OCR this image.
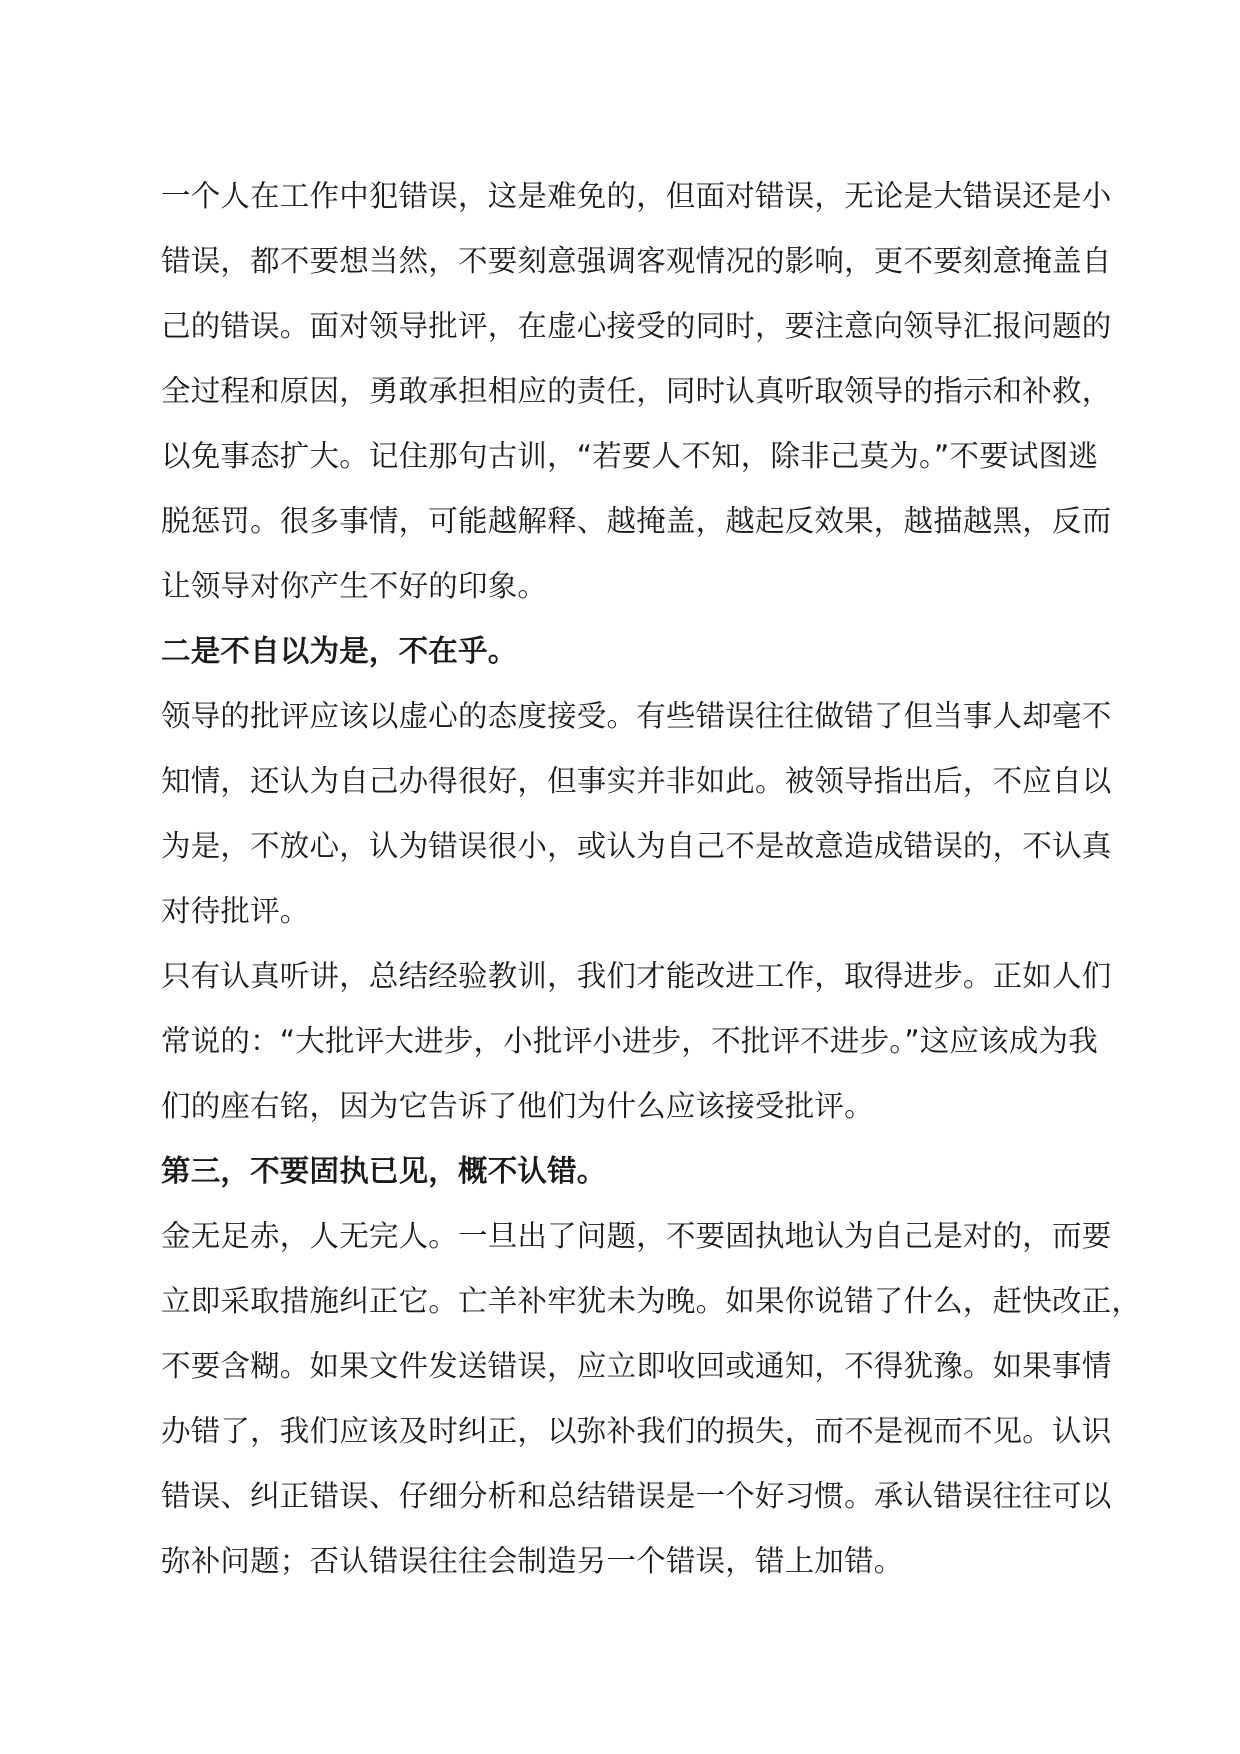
一个人在工作中犯错误，这是难免的，但面对错误，无论是大错误还是小

错误，都不要想当然，不要刻意强调客观情况的影响，更不要刻意掩盖自

己的错误。面对领导批评，在虚心接受的同时，要注意向领导汇报问题的

全过程和原因，勇敢承担相应的责任，同时认真听取领导的指示和补救，

以免事态扩大。记住那句古训，“若要人不知，除非己莫为。”不要试图逃

脱惩罚。很多事情，可能越解释、越掩盖，越起反效果，越描越黑，反而

让领导对你产生不好的印象。

二是不自以为是，不在乎。

领导的批评应该以虚心的态度接受。有些错误往往做错了但当事人却毫不

知情，还认为自己办得很好，但事实并非如此。被领导指出后，不应自以

为是，不放心，认为错误很小，或认为自己不是故意造成错误的，不认真

对待批评。

只有认真听讲，总结经验教训，我们才能改进工作，取得进步。正如人们

常说的：“大批评大进步，小批评小进步，不批评不进步。”这应该成为我

们的座右铭，因为它告诉了他们为什么应该接受批评。

第三，不要固执已见，概不认错。

金无足赤，人无完人。一旦出了问题，不要固执地认为自己是对的，而要

立即采取措施纠正它。亡羊补牢犹未为晚。如果你说错了什么，赶快改正，

不要含糊。如果文件发送错误，应立即收回或通知，不得犹豫。如果事情

办错了，我们应该及时纠正，以弥补我们的损失，而不是视而不见。认识

错误、纠正错误、仔细分析和总结错误是一个好习惯。承认错误往往可以

弥补问题；否认错误往往会制造另一个错误，错上加错。
